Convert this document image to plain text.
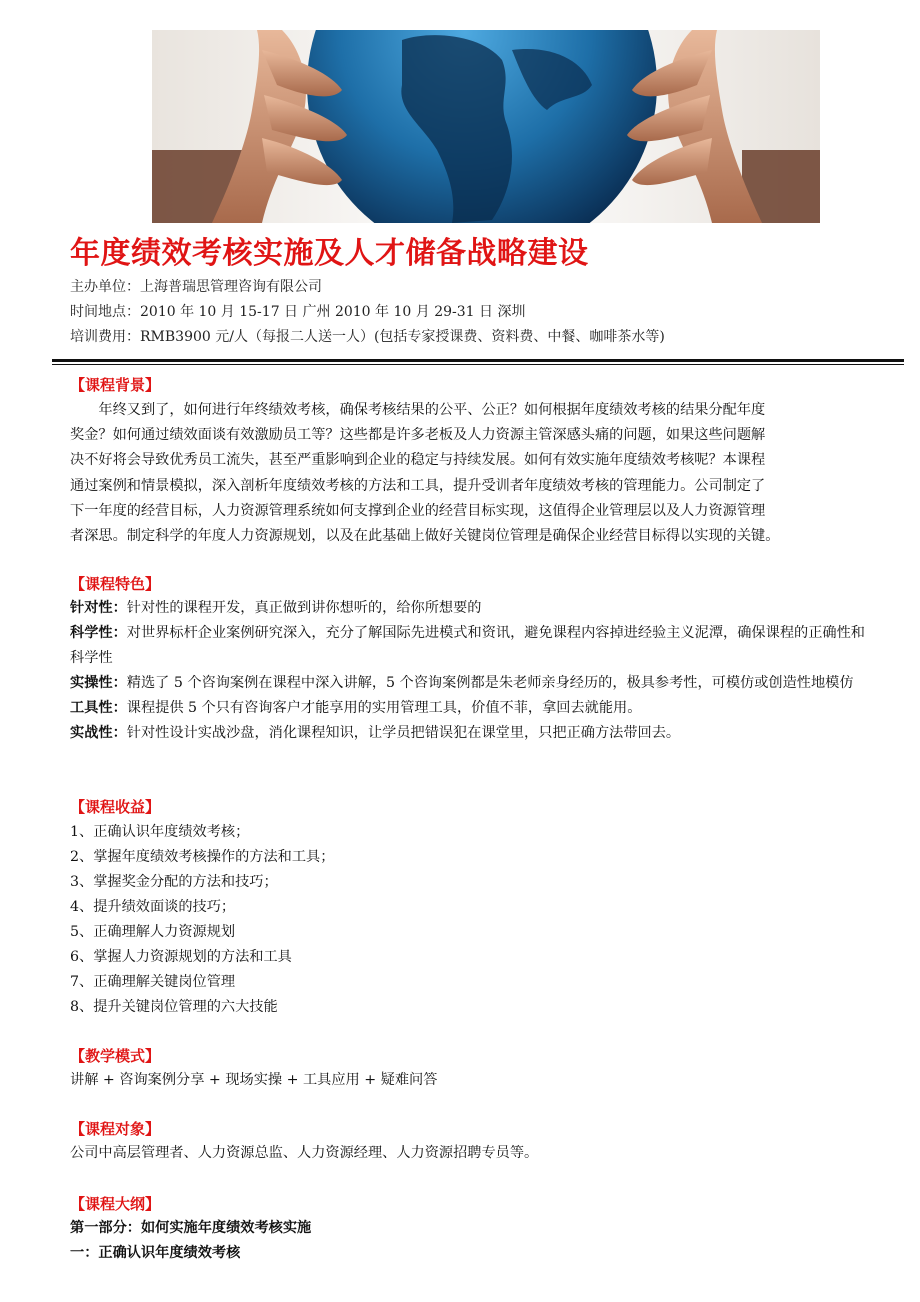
年度绩效考核实施及人才储备战略建设
主办单位：上海普瑞思管理咨询有限公司
时间地点：2010 年 10 月 15-17 日 广州 2010 年 10 月 29-31 日 深圳
培训费用：RMB3900 元/人（每报二人送一人）(包括专家授课费、资料费、中餐、咖啡茶水等)
【课程背景】
年终又到了，如何进行年终绩效考核，确保考核结果的公平、公正？如何根据年度绩效考核的结果分配年度
奖金？如何通过绩效面谈有效激励员工等？这些都是许多老板及人力资源主管深感头痛的问题，如果这些问题解
决不好将会导致优秀员工流失，甚至严重影响到企业的稳定与持续发展。如何有效实施年度绩效考核呢？本课程
通过案例和情景模拟，深入剖析年度绩效考核的方法和工具，提升受训者年度绩效考核的管理能力。公司制定了
下一年度的经营目标，人力资源管理系统如何支撑到企业的经营目标实现，这值得企业管理层以及人力资源管理
者深思。制定科学的年度人力资源规划，以及在此基础上做好关键岗位管理是确保企业经营目标得以实现的关键。
【课程特色】
针对性：针对性的课程开发，真正做到讲你想听的，给你所想要的
科学性：对世界标杆企业案例研究深入，充分了解国际先进模式和资讯，避免课程内容掉进经验主义泥潭，确保课程的正确性和科学性
实操性：精选了 5 个咨询案例在课程中深入讲解，5 个咨询案例都是朱老师亲身经历的，极具参考性，可模仿或创造性地模仿
工具性：课程提供 5 个只有咨询客户才能享用的实用管理工具，价值不菲，拿回去就能用。
实战性：针对性设计实战沙盘，消化课程知识，让学员把错误犯在课堂里，只把正确方法带回去。
【课程收益】
1、正确认识年度绩效考核；
2、掌握年度绩效考核操作的方法和工具；
3、掌握奖金分配的方法和技巧；
4、提升绩效面谈的技巧；
5、正确理解人力资源规划
6、掌握人力资源规划的方法和工具
7、正确理解关键岗位管理
8、提升关键岗位管理的六大技能
【教学模式】
讲解 + 咨询案例分享 + 现场实操 + 工具应用 + 疑难问答
【课程对象】
公司中高层管理者、人力资源总监、人力资源经理、人力资源招聘专员等。
【课程大纲】
第一部分：如何实施年度绩效考核实施
一：正确认识年度绩效考核
